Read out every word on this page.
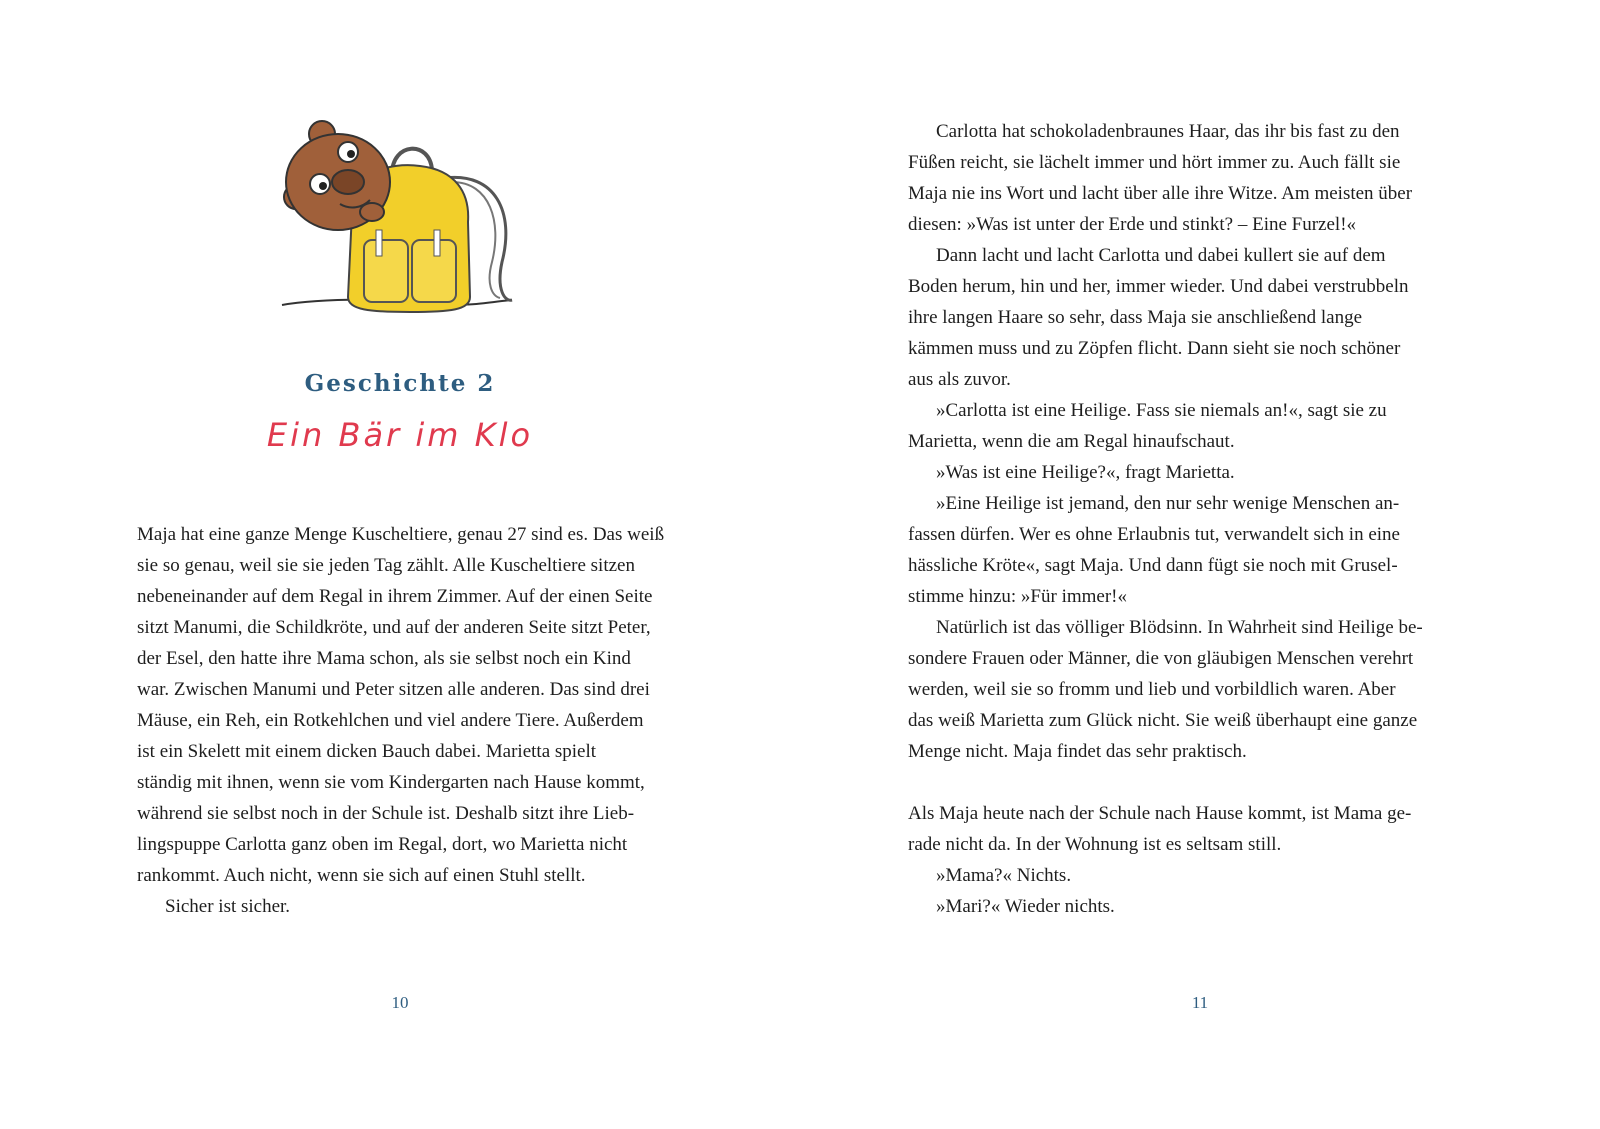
Geschichte 2
Ein Bär im Klo
Maja hat eine ganze Menge Kuscheltiere, genau 27 sind es. Das weiß
sie so genau, weil sie sie jeden Tag zählt. Alle Kuscheltiere sitzen
nebeneinander auf dem Regal in ihrem Zimmer. Auf der einen Seite
sitzt Manumi, die Schildkröte, und auf der anderen Seite sitzt Peter,
der Esel, den hatte ihre Mama schon, als sie selbst noch ein Kind
war. Zwischen Manumi und Peter sitzen alle anderen. Das sind drei
Mäuse, ein Reh, ein Rotkehlchen und viel andere Tiere. Außerdem
ist ein Skelett mit einem dicken Bauch dabei. Marietta spielt
ständig mit ihnen, wenn sie vom Kindergarten nach Hause kommt,
während sie selbst noch in der Schule ist. Deshalb sitzt ihre Lieb-
lingspuppe Carlotta ganz oben im Regal, dort, wo Marietta nicht
rankommt. Auch nicht, wenn sie sich auf einen Stuhl stellt.
Sicher ist sicher.
10
Carlotta hat schokoladenbraunes Haar, das ihr bis fast zu den
Füßen reicht, sie lächelt immer und hört immer zu. Auch fällt sie
Maja nie ins Wort und lacht über alle ihre Witze. Am meisten über
diesen: »Was ist unter der Erde und stinkt? – Eine Furzel!«
Dann lacht und lacht Carlotta und dabei kullert sie auf dem
Boden herum, hin und her, immer wieder. Und dabei verstrubbeln
ihre langen Haare so sehr, dass Maja sie anschließend lange
kämmen muss und zu Zöpfen flicht. Dann sieht sie noch schöner
aus als zuvor.
»Carlotta ist eine Heilige. Fass sie niemals an!«, sagt sie zu
Marietta, wenn die am Regal hinaufschaut.
»Was ist eine Heilige?«, fragt Marietta.
»Eine Heilige ist jemand, den nur sehr wenige Menschen an-
fassen dürfen. Wer es ohne Erlaubnis tut, verwandelt sich in eine
hässliche Kröte«, sagt Maja. Und dann fügt sie noch mit Grusel-
stimme hinzu: »Für immer!«
Natürlich ist das völliger Blödsinn. In Wahrheit sind Heilige be-
sondere Frauen oder Männer, die von gläubigen Menschen verehrt
werden, weil sie so fromm und lieb und vorbildlich waren. Aber
das weiß Marietta zum Glück nicht. Sie weiß überhaupt eine ganze
Menge nicht. Maja findet das sehr praktisch.
Als Maja heute nach der Schule nach Hause kommt, ist Mama ge-
rade nicht da. In der Wohnung ist es seltsam still.
»Mama?« Nichts.
»Mari?« Wieder nichts.
11
